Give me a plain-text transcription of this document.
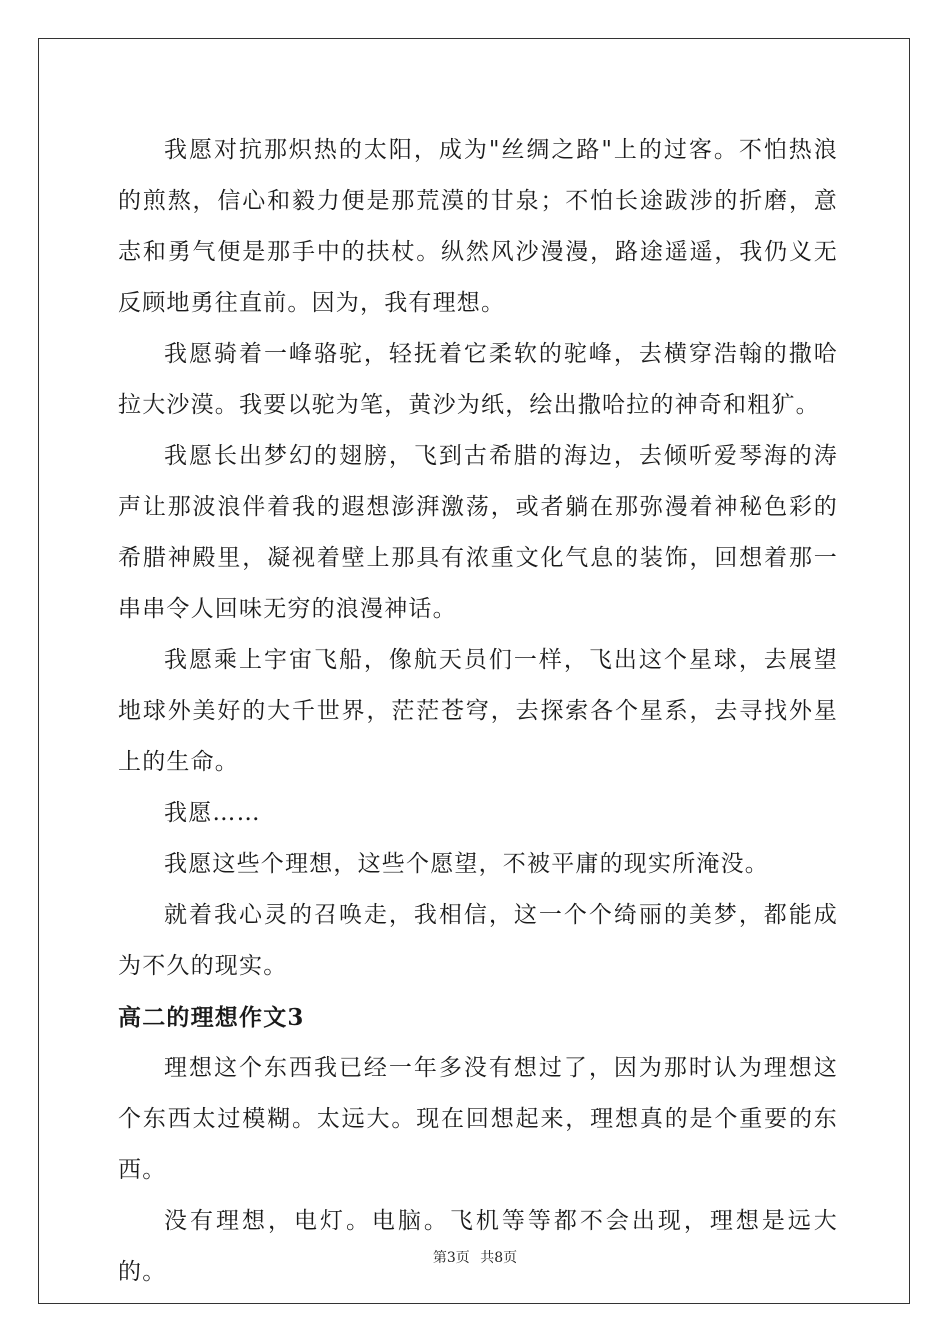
我愿对抗那炽热的太阳，成为"丝绸之路"上的过客。不怕热浪的煎熬，信心和毅力便是那荒漠的甘泉；不怕长途跋涉的折磨，意志和勇气便是那手中的扶杖。纵然风沙漫漫，路途遥遥，我仍义无反顾地勇往直前。因为，我有理想。

我愿骑着一峰骆驼，轻抚着它柔软的驼峰，去横穿浩翰的撒哈拉大沙漠。我要以驼为笔，黄沙为纸，绘出撒哈拉的神奇和粗犷。

我愿长出梦幻的翅膀，飞到古希腊的海边，去倾听爱琴海的涛声让那波浪伴着我的遐想澎湃激荡，或者躺在那弥漫着神秘色彩的希腊神殿里，凝视着壁上那具有浓重文化气息的装饰，回想着那一串串令人回味无穷的浪漫神话。

我愿乘上宇宙飞船，像航天员们一样，飞出这个星球，去展望地球外美好的大千世界，茫茫苍穹，去探索各个星系，去寻找外星上的生命。

我愿……

我愿这些个理想，这些个愿望，不被平庸的现实所淹没。

就着我心灵的召唤走，我相信，这一个个绮丽的美梦，都能成为不久的现实。

高二的理想作文3

理想这个东西我已经一年多没有想过了，因为那时认为理想这个东西太过模糊。太远大。现在回想起来，理想真的是个重要的东西。

没有理想，电灯。电脑。飞机等等都不会出现，理想是远大的。

第3页 共8页
